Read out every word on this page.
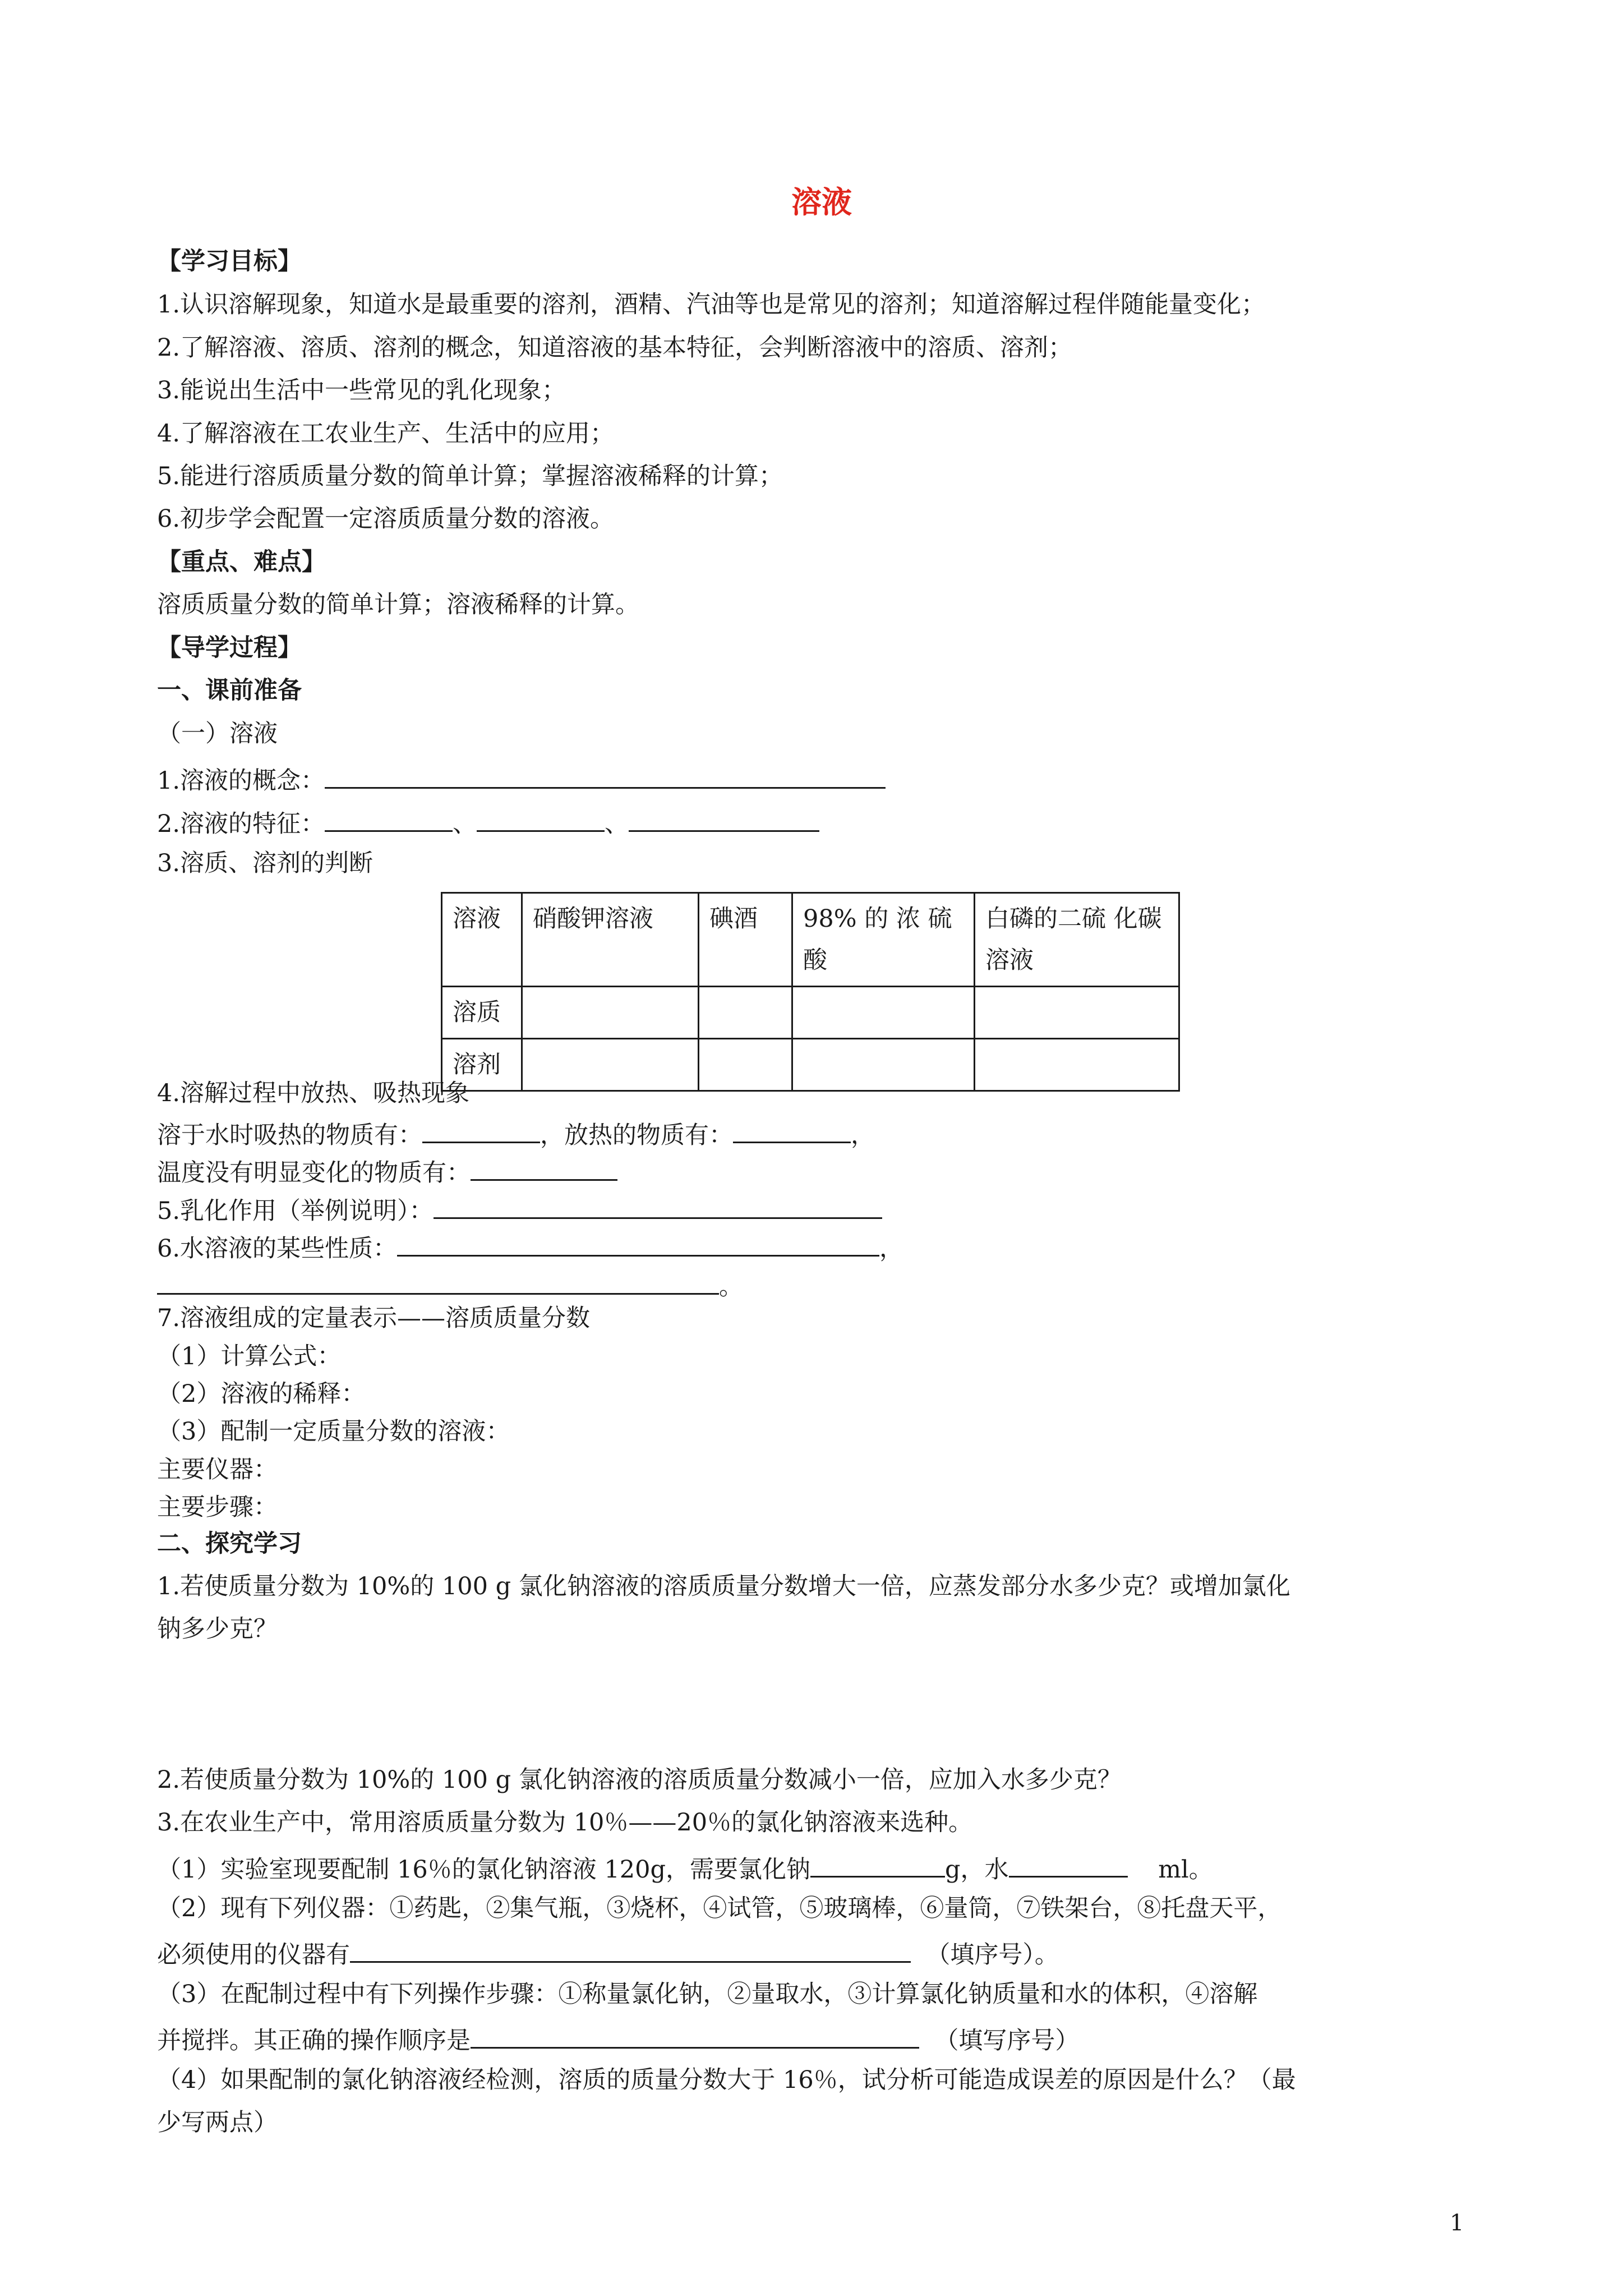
溶液
【学习目标】
1.认识溶解现象，知道水是最重要的溶剂，酒精、汽油等也是常见的溶剂；知道溶解过程伴随能量变化；
2.了解溶液、溶质、溶剂的概念，知道溶液的基本特征，会判断溶液中的溶质、溶剂；
3.能说出生活中一些常见的乳化现象；
4.了解溶液在工农业生产、生活中的应用；
5.能进行溶质质量分数的简单计算；掌握溶液稀释的计算；
6.初步学会配置一定溶质质量分数的溶液。
【重点、难点】
溶质质量分数的简单计算；溶液稀释的计算。
【导学过程】
一、课前准备
（一）溶液
1.溶液的概念：
2.溶液的特征：	、	、
3.溶质、溶剂的判断
溶液	硝酸钾溶液	碘酒	98% 的 浓 硫 酸	白磷的二硫 化碳溶液
溶质				
溶剂				
4.溶解过程中放热、吸热现象
溶于水时吸热的物质有：	，放热的物质有：	，
温度没有明显变化的物质有：
5.乳化作用（举例说明）：
6.水溶液的某些性质：	，
。
7.溶液组成的定量表示——溶质质量分数
（1）计算公式：
（2）溶液的稀释：
（3）配制一定质量分数的溶液：
主要仪器：
主要步骤：
二、探究学习
1.若使质量分数为 10%的 100 g 氯化钠溶液的溶质质量分数增大一倍，应蒸发部分水多少克？或增加氯化
钠多少克？
2.若使质量分数为 10%的 100 g 氯化钠溶液的溶质质量分数减小一倍，应加入水多少克？
3.在农业生产中，常用溶质质量分数为 10％——20％的氯化钠溶液来选种。
（1）实验室现要配制 16％的氯化钠溶液 120g，需要氯化钠	g，水	ml。
（2）现有下列仪器：①药匙，②集气瓶，③烧杯，④试管，⑤玻璃棒，⑥量筒，⑦铁架台，⑧托盘天平，
必须使用的仪器有	（填序号）。
（3）在配制过程中有下列操作步骤：①称量氯化钠，②量取水，③计算氯化钠质量和水的体积，④溶解
并搅拌。其正确的操作顺序是	（填写序号）
（4）如果配制的氯化钠溶液经检测，溶质的质量分数大于 16％，试分析可能造成误差的原因是什么？（最
少写两点）
1
